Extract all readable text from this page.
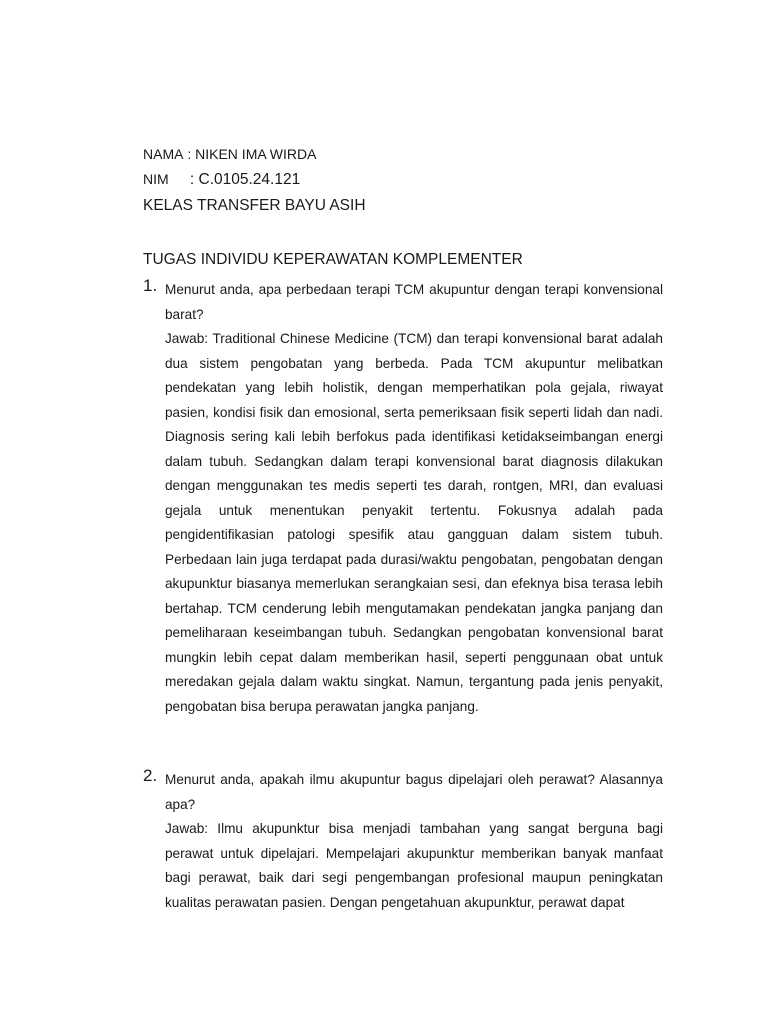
NAMA : NIKEN IMA WIRDA
NIM : C.0105.24.121
KELAS TRANSFER BAYU ASIH
TUGAS INDIVIDU KEPERAWATAN KOMPLEMENTER
1. Menurut anda, apa perbedaan terapi TCM akupuntur dengan terapi konvensional barat?

Jawab: Traditional Chinese Medicine (TCM) dan terapi konvensional barat adalah dua sistem pengobatan yang berbeda. Pada TCM akupuntur melibatkan pendekatan yang lebih holistik, dengan memperhatikan pola gejala, riwayat pasien, kondisi fisik dan emosional, serta pemeriksaan fisik seperti lidah dan nadi. Diagnosis sering kali lebih berfokus pada identifikasi ketidakseimbangan energi dalam tubuh. Sedangkan dalam terapi konvensional barat diagnosis dilakukan dengan menggunakan tes medis seperti tes darah, rontgen, MRI, dan evaluasi gejala untuk menentukan penyakit tertentu. Fokusnya adalah pada pengidentifikasian patologi spesifik atau gangguan dalam sistem tubuh. Perbedaan lain juga terdapat pada durasi/waktu pengobatan, pengobatan dengan akupunktur biasanya memerlukan serangkaian sesi, dan efeknya bisa terasa lebih bertahap. TCM cenderung lebih mengutamakan pendekatan jangka panjang dan pemeliharaan keseimbangan tubuh. Sedangkan pengobatan konvensional barat mungkin lebih cepat dalam memberikan hasil, seperti penggunaan obat untuk meredakan gejala dalam waktu singkat. Namun, tergantung pada jenis penyakit, pengobatan bisa berupa perawatan jangka panjang.

2. Menurut anda, apakah ilmu akupuntur bagus dipelajari oleh perawat? Alasannya apa?

Jawab: Ilmu akupunktur bisa menjadi tambahan yang sangat berguna bagi perawat untuk dipelajari. Mempelajari akupunktur memberikan banyak manfaat bagi perawat, baik dari segi pengembangan profesional maupun peningkatan kualitas perawatan pasien. Dengan pengetahuan akupunktur, perawat dapat
